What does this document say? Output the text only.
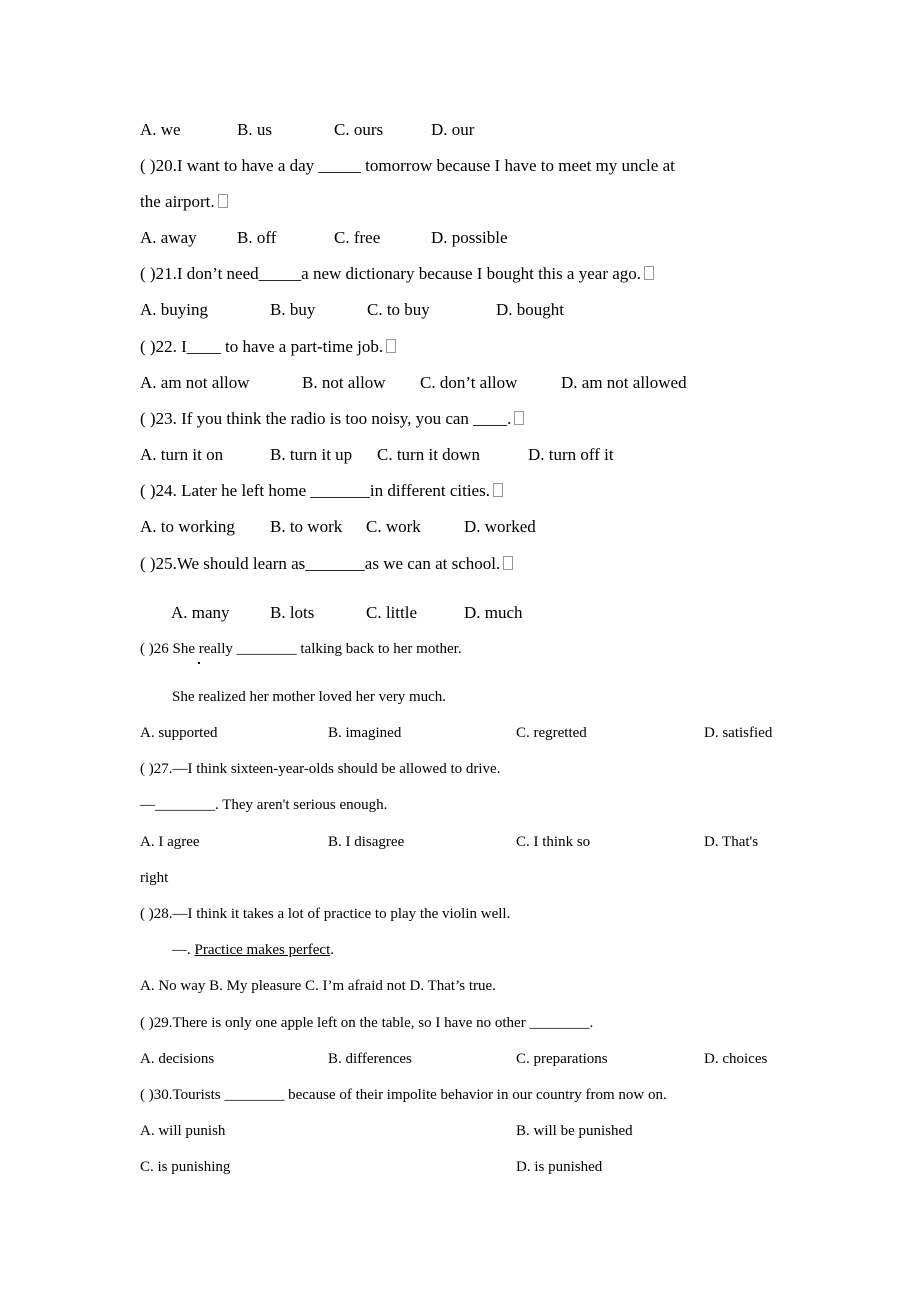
A. we	B. us	C. ours	D. our
( )20.I want to have a day _____ tomorrow because I have to meet my uncle at
the airport.
A. away B. off	C. free	D. possible
( )21.I don’t need_____a new dictionary because I bought this a year ago.
A. buying	B. buy	C. to buy	D. bought
( )22. I____ to have a part-time job.
A. am not allow	B. not allow C. don’t allow	D. am not allowed
( )23. If you think the radio is too noisy, you can ____.
A. turn it on	B. turn it up C. turn it down	D. turn off it
( )24. Later he left home _______in different cities.
A. to working B. to work C. work	D. worked
( )25.We should learn as_______as we can at school.
A. many B. lots	C. little	D. much
( )26 She really ________ talking back to her mother.
She realized her mother loved her very much.
A. supported	B. imagined	C. regretted	D. satisfied
( )27.—I think sixteen-year-olds should be allowed to drive.
—________. They aren't serious enough.
A. I agree	B. I disagree	C. I think so	D. That's
right
( )28.—I think it takes a lot of practice to play the violin well.
—. Practice makes perfect.
A. No way B. My pleasure C. I’m afraid not D. That’s true.
( )29.There is only one apple left on the table, so I have no other ________.
A. decisions	B. differences	C. preparations	D. choices
( )30.Tourists ________ because of their impolite behavior in our country from now on.
A. will punish	B. will be punished
C. is punishing	D. is punished
